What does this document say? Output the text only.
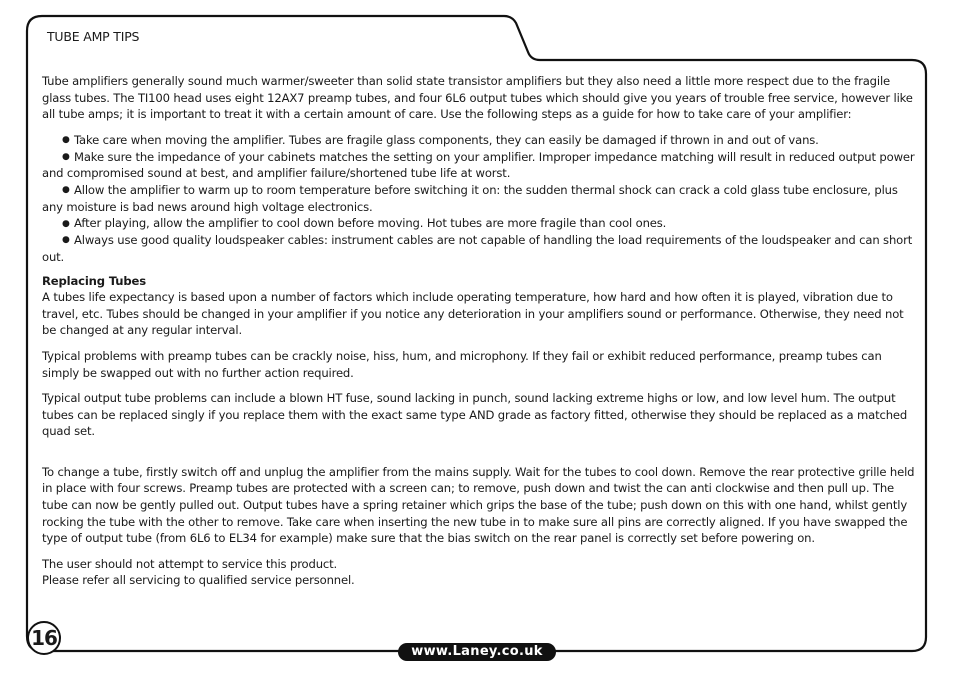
TUBE AMP TIPS

Tube amplifiers generally sound much warmer/sweeter than solid state transistor amplifiers but they also need a little more respect due to the fragile glass tubes. The TI100 head uses eight 12AX7 preamp tubes, and four 6L6 output tubes which should give you years of trouble free service, however like all tube amps; it is important to treat it with a certain amount of care. Use the following steps as a guide for how to take care of your amplifier:

● Take care when moving the amplifier. Tubes are fragile glass components, they can easily be damaged if thrown in and out of vans.
● Make sure the impedance of your cabinets matches the setting on your amplifier. Improper impedance matching will result in reduced output power and compromised sound at best, and amplifier failure/shortened tube life at worst.
● Allow the amplifier to warm up to room temperature before switching it on: the sudden thermal shock can crack a cold glass tube enclosure, plus any moisture is bad news around high voltage electronics.
● After playing, allow the amplifier to cool down before moving. Hot tubes are more fragile than cool ones.
● Always use good quality loudspeaker cables: instrument cables are not capable of handling the load requirements of the loudspeaker and can short out.

Replacing Tubes

A tubes life expectancy is based upon a number of factors which include operating temperature, how hard and how often it is played, vibration due to travel, etc. Tubes should be changed in your amplifier if you notice any deterioration in your amplifiers sound or performance. Otherwise, they need not be changed at any regular interval.

Typical problems with preamp tubes can be crackly noise, hiss, hum, and microphony. If they fail or exhibit reduced performance, preamp tubes can simply be swapped out with no further action required.

Typical output tube problems can include a blown HT fuse, sound lacking in punch, sound lacking extreme highs or low, and low level hum. The output tubes can be replaced singly if you replace them with the exact same type AND grade as factory fitted, otherwise they should be replaced as a matched quad set.

To change a tube, firstly switch off and unplug the amplifier from the mains supply. Wait for the tubes to cool down. Remove the rear protective grille held in place with four screws. Preamp tubes are protected with a screen can; to remove, push down and twist the can anti clockwise and then pull up. The tube can now be gently pulled out. Output tubes have a spring retainer which grips the base of the tube; push down on this with one hand, whilst gently rocking the tube with the other to remove. Take care when inserting the new tube in to make sure all pins are correctly aligned. If you have swapped the type of output tube (from 6L6 to EL34 for example) make sure that the bias switch on the rear panel is correctly set before powering on.

The user should not attempt to service this product.

Please refer all servicing to qualified service personnel.

16
www.Laney.co.uk
